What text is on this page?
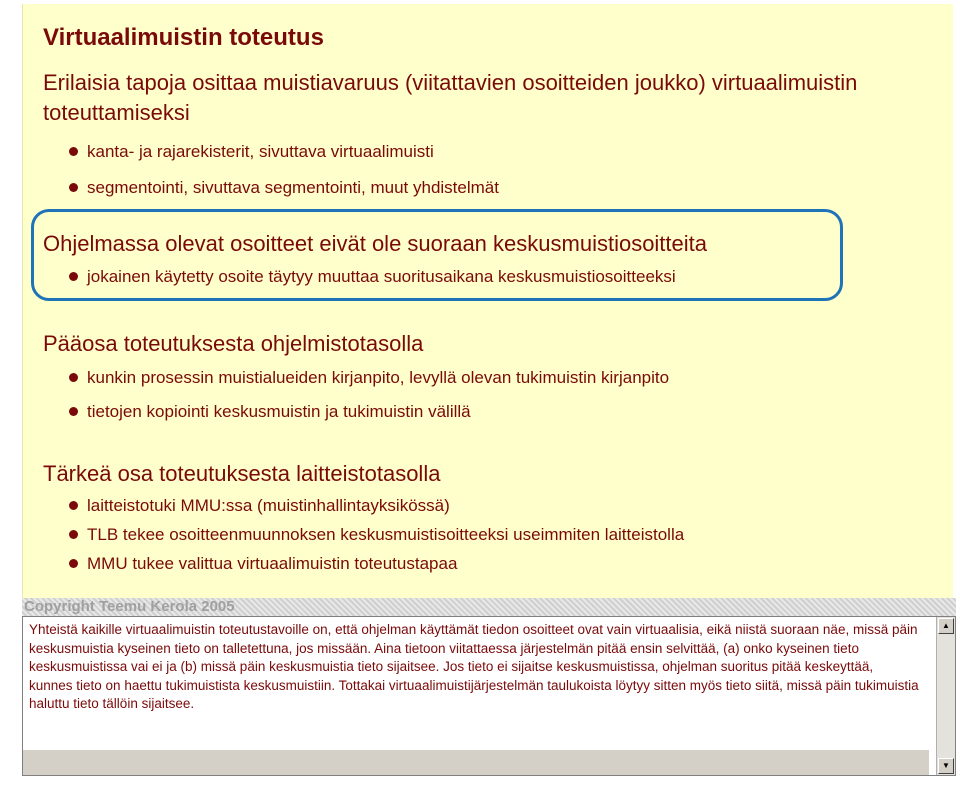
Virtuaalimuistin toteutus

Erilaisia tapoja osittaa muistiavaruus (viitattavien osoitteiden joukko) virtuaalimuistin toteuttamiseksi

kanta- ja rajarekisterit, sivuttava virtuaalimuisti
segmentointi, sivuttava segmentointi, muut yhdistelmät

Ohjelmassa olevat osoitteet eivät ole suoraan keskusmuistiosoitteita

jokainen käytetty osoite täytyy muuttaa suoritusaikana keskusmuistiosoitteeksi

Pääosa toteutuksesta ohjelmistotasolla

kunkin prosessin muistialueiden kirjanpito, levyllä olevan tukimuistin kirjanpito
tietojen kopiointi keskusmuistin ja tukimuistin välillä

Tärkeä osa toteutuksesta laitteistotasolla

laitteistotuki MMU:ssa (muistinhallintayksikössä)
TLB tekee osoitteenmuunnoksen keskusmuistisoitteeksi useimmiten laitteistolla
MMU tukee valittua virtuaalimuistin toteutustapaa
Copyright Teemu Kerola 2005

Yhteistä kaikille virtuaalimuistin toteutustavoille on, että ohjelman käyttämät tiedon osoitteet ovat vain virtuaalisia, eikä niistä suoraan näe, missä päin keskusmuistia kyseinen tieto on talletettuna, jos missään. Aina tietoon viitattaessa järjestelmän pitää ensin selvittää, (a) onko kyseinen tieto keskusmuistissa vai ei ja (b) missä päin keskusmuistia tieto sijaitsee. Jos tieto ei sijaitse keskusmuistissa, ohjelman suoritus pitää keskeyttää, kunnes tieto on haettu tukimuistista keskusmuistiin. Tottakai virtuaalimuistijärjestelmän taulukoista löytyy sitten myös tieto siitä, missä päin tukimuistia haluttu tieto tällöin sijaitsee.

▲
▼
